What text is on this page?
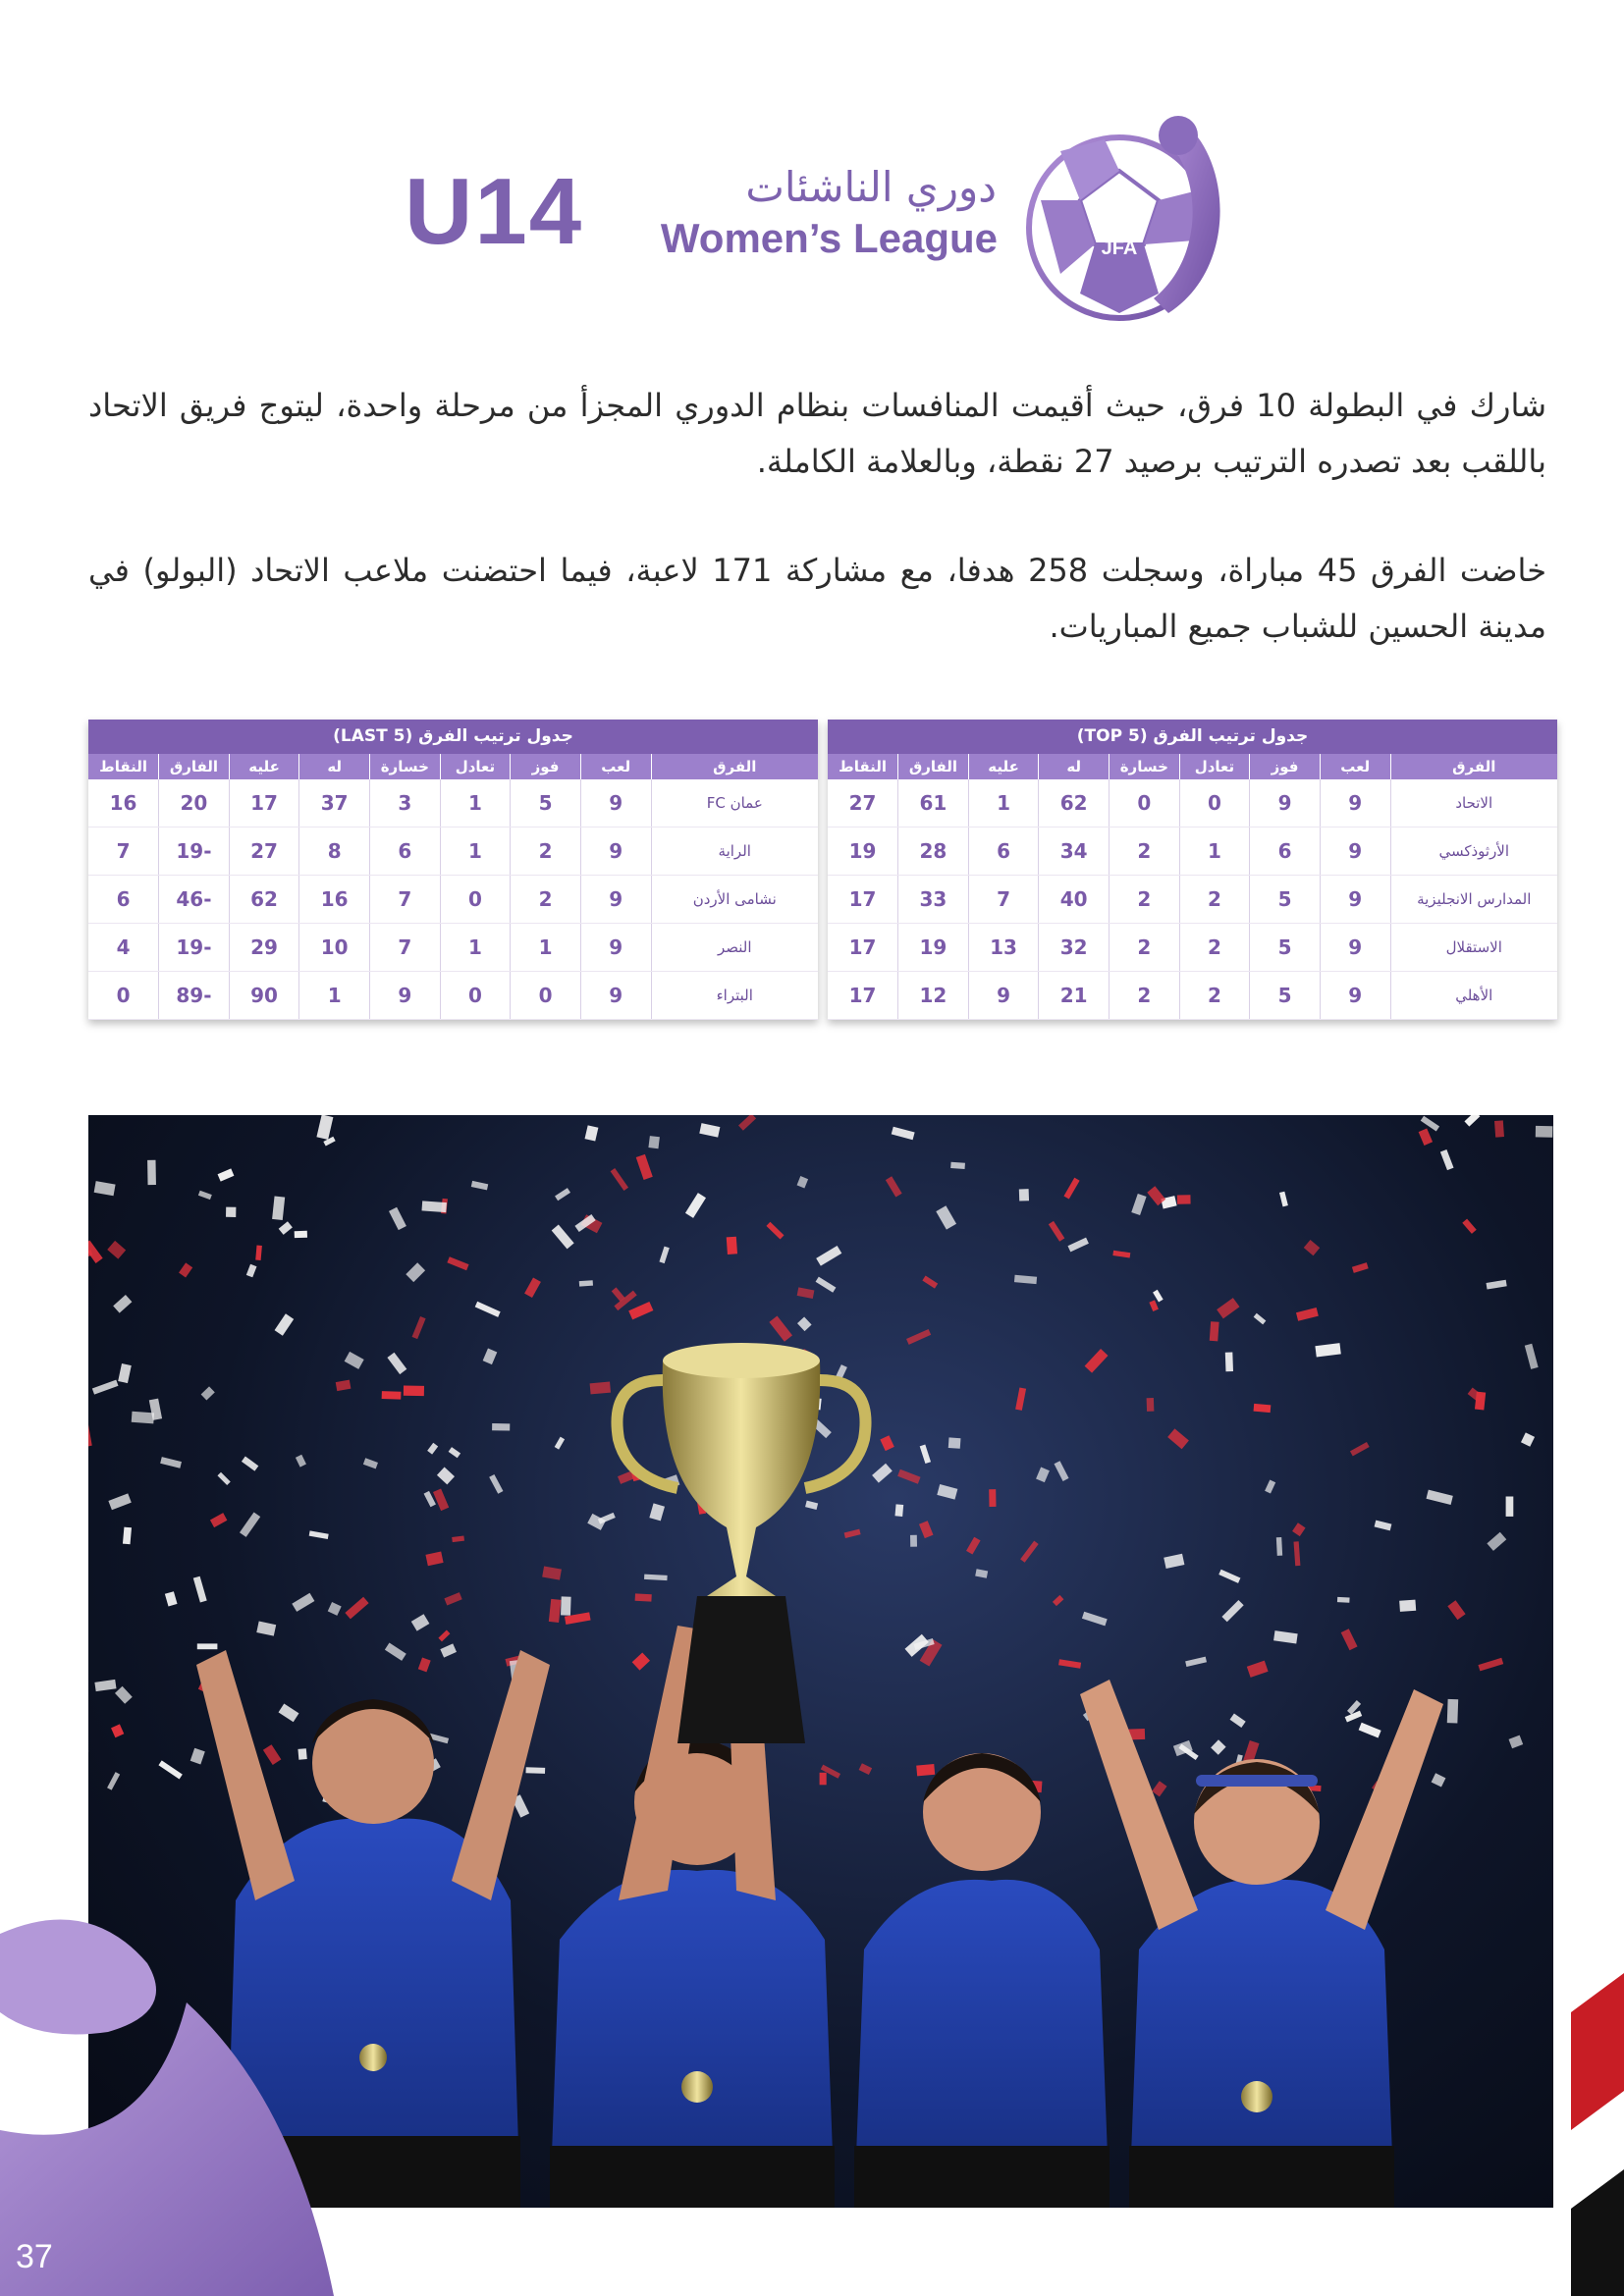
U14	دوري الناشئات
Women’s League	JFA

شارك في البطولة 10 فرق، حيث أقيمت المنافسات بنظام الدوري المجزأ من مرحلة واحدة، ليتوج فريق الاتحاد باللقب بعد تصدره الترتيب برصيد 27 نقطة، وبالعلامة الكاملة.

خاضت الفرق 45 مباراة، وسجلت 258 هدفا، مع مشاركة 171 لاعبة، فيما احتضنت ملاعب الاتحاد (البولو) في مدينة الحسين للشباب جميع المباريات.

جدول ترتيب الفرق (TOP 5)
الفرق	لعب	فوز	تعادل	خسارة	له	عليه	الفارق	النقاط
الاتحاد	9	9	0	0	62	1	61	27
الأرثوذكسي	9	6	1	2	34	6	28	19
المدارس الانجليزية	9	5	2	2	40	7	33	17
الاستقلال	9	5	2	2	32	13	19	17
الأهلي	9	5	2	2	21	9	12	17
جدول ترتيب الفرق (LAST 5)
الفرق	لعب	فوز	تعادل	خسارة	له	عليه	الفارق	النقاط
عمان FC	9	5	1	3	37	17	20	16
الراية	9	2	1	6	8	27	-19	7
نشامى الأردن	9	2	0	7	16	62	-46	6
النصر	9	1	1	7	10	29	-19	4
البتراء	9	0	0	9	1	90	-89	0
37
